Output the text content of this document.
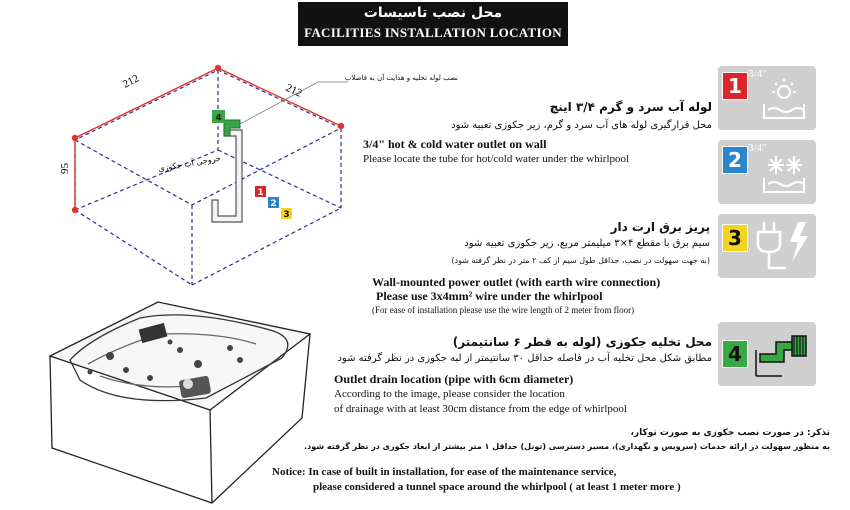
محل نصب تاسیسات
FACILITIES INSTALLATION LOCATION
212
212
95
4
1
2
3
خروجی آب جکوزی
نصب لوله تخلیه و هدایت آن به فاضلاب	1 3/4"
2 3/4"
3
4
لوله آب سرد و گرم ۳/۴ اینچ
محل قرارگیری لوله های آب سرد و گرم، زیر جکوزی تعبیه شود
3/4" hot & cold water outlet on wall
Please locate the tube for hot/cold water under the whirlpool
پریز برق ارت دار
سیم برق با مقطع ۴×۳ میلیمتر مربع، زیر جکوزی تعبیه شود
(به جهت سهولت در نصب، حداقل طول سیم از کف ۲ متر در نظر گرفته شود)
Wall-mounted power outlet (with earth wire connection)
Please use 3x4mm² wire under the whirlpool
(For ease of installation please use the wire length of 2 meter from floor)
محل تخلیه جکوزی (لوله به قطر ۶ سانتیمتر)
مطابق شکل محل تخلیه آب در فاصله حداقل ۳۰ سانتیمتر از لبه جکوزی در نظر گرفته شود
Outlet drain location (pipe with 6cm diameter)
According to the image, please consider the location
of drainage with at least 30cm distance from the edge of whirlpool
تذکر: در صورت نصب جکوزی به صورت توکار،
به منظور سهولت در ارائه خدمات (سرویس و نگهداری)، مسیر دسترسی (تونل) حداقل ۱ متر بیشتر از ابعاد جکوزی در نظر گرفته شود.
Notice: In case of built in installation, for ease of the maintenance service,
please considered a tunnel space around the whirlpool ( at least 1 meter more )
